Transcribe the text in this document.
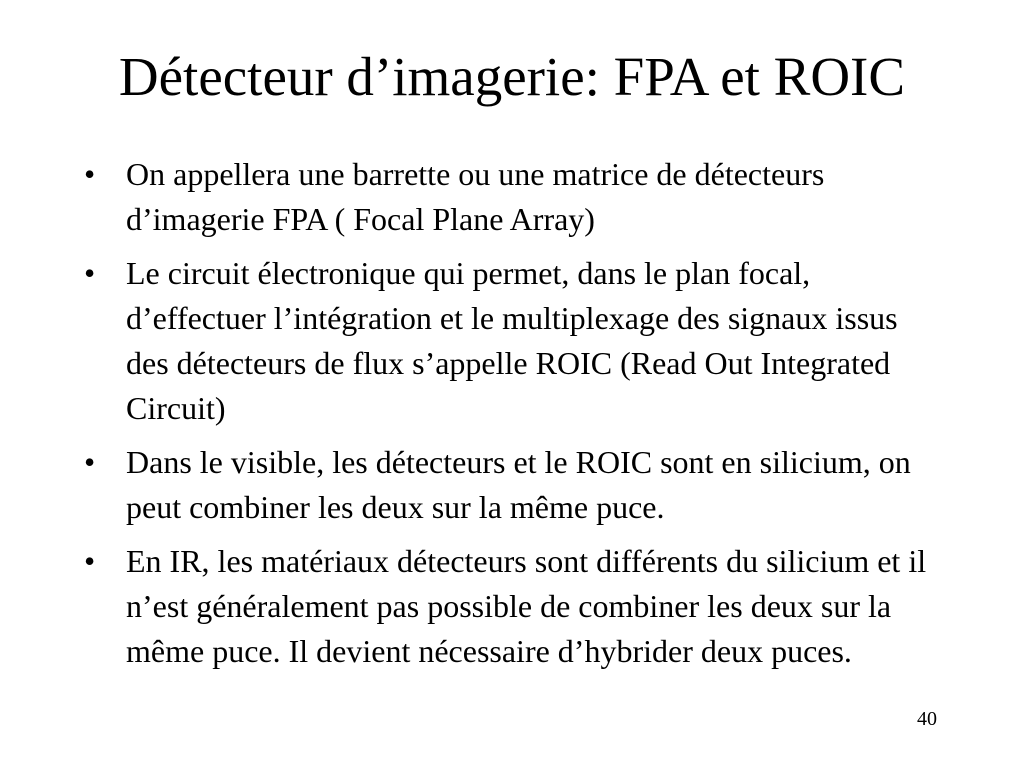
Détecteur d’imagerie: FPA et ROIC
• On appellera une barrette ou une matrice de détecteurs d’imagerie FPA ( Focal Plane Array)
• Le circuit électronique qui permet, dans le plan focal, d’effectuer l’intégration et le multiplexage des signaux issus des détecteurs de flux s’appelle ROIC (Read Out Integrated Circuit)
• Dans le visible, les détecteurs et le ROIC sont en silicium, on peut combiner les deux sur la même puce.
• En IR, les matériaux détecteurs sont différents du silicium et il n’est généralement pas possible de combiner les deux sur la même puce. Il devient nécessaire d’hybrider deux puces.
40
